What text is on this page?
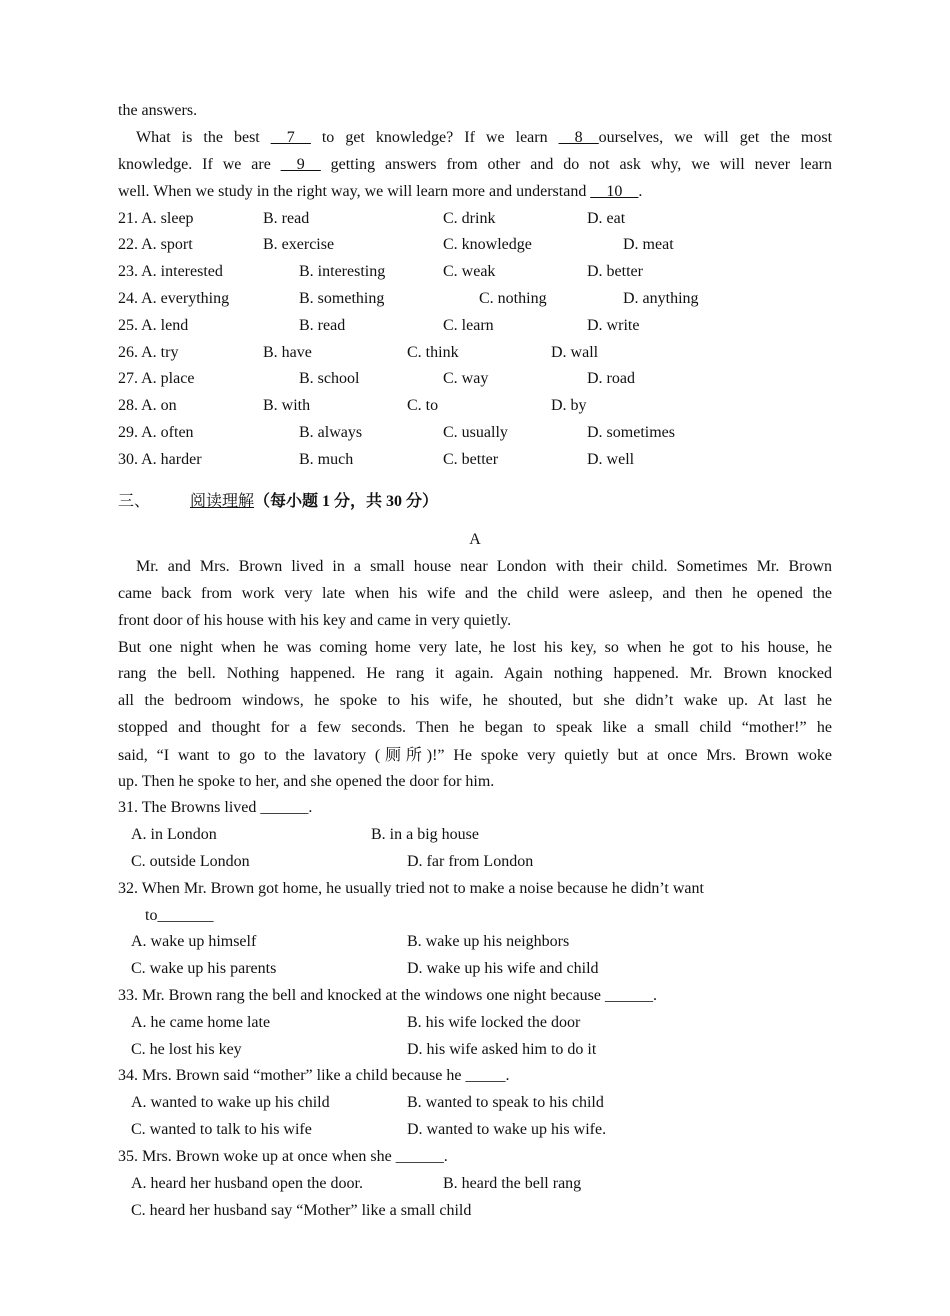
the answers.
What is the best __7__ to get knowledge? If we learn __8__ourselves, we will get the most
knowledge. If we are __9__ getting answers from other and do not ask why, we will never learn
well. When we study in the right way, we will learn more and understand __10__.
21. A. sleep	B. read	C. drink	D. eat
22. A. sport	B. exercise	C. knowledge	D. meat
23. A. interested	B. interesting	C. weak	D. better
24. A. everything	B. something	C. nothing	D. anything
25. A. lend	B. read	C. learn	D. write
26. A. try	B. have	C. think	D. wall
27. A. place	B. school	C. way	D. road
28. A. on	B. with	C. to	D. by
29. A. often	B. always	C. usually	D. sometimes
30. A. harder	B. much	C. better	D. well
三、 阅读理解（每小题 1 分，共 30 分）
A
Mr. and Mrs. Brown lived in a small house near London with their child. Sometimes Mr. Brown
came back from work very late when his wife and the child were asleep, and then he opened the
front door of his house with his key and came in very quietly.
But one night when he was coming home very late, he lost his key, so when he got to his house, he
rang the bell. Nothing happened. He rang it again. Again nothing happened. Mr. Brown knocked
all the bedroom windows, he spoke to his wife, he shouted, but she didn’t wake up. At last he
stopped and thought for a few seconds. Then he began to speak like a small child “mother!” he
said, “I want to go to the lavatory (厕所)!” He spoke very quietly but at once Mrs. Brown woke
up. Then he spoke to her, and she opened the door for him.
31. The Browns lived ______.
A. in London	B. in a big house
C. outside London	D. far from London
32. When Mr. Brown got home, he usually tried not to make a noise because he didn’t want
to_______
A. wake up himself	B. wake up his neighbors
C. wake up his parents	D. wake up his wife and child
33. Mr. Brown rang the bell and knocked at the windows one night because ______.
A. he came home late	B. his wife locked the door
C. he lost his key	D. his wife asked him to do it
34. Mrs. Brown said “mother” like a child because he _____.
A. wanted to wake up his child	B. wanted to speak to his child
C. wanted to talk to his wife	D. wanted to wake up his wife.
35. Mrs. Brown woke up at once when she ______.
A. heard her husband open the door.	B. heard the bell rang
C. heard her husband say “Mother” like a small child
